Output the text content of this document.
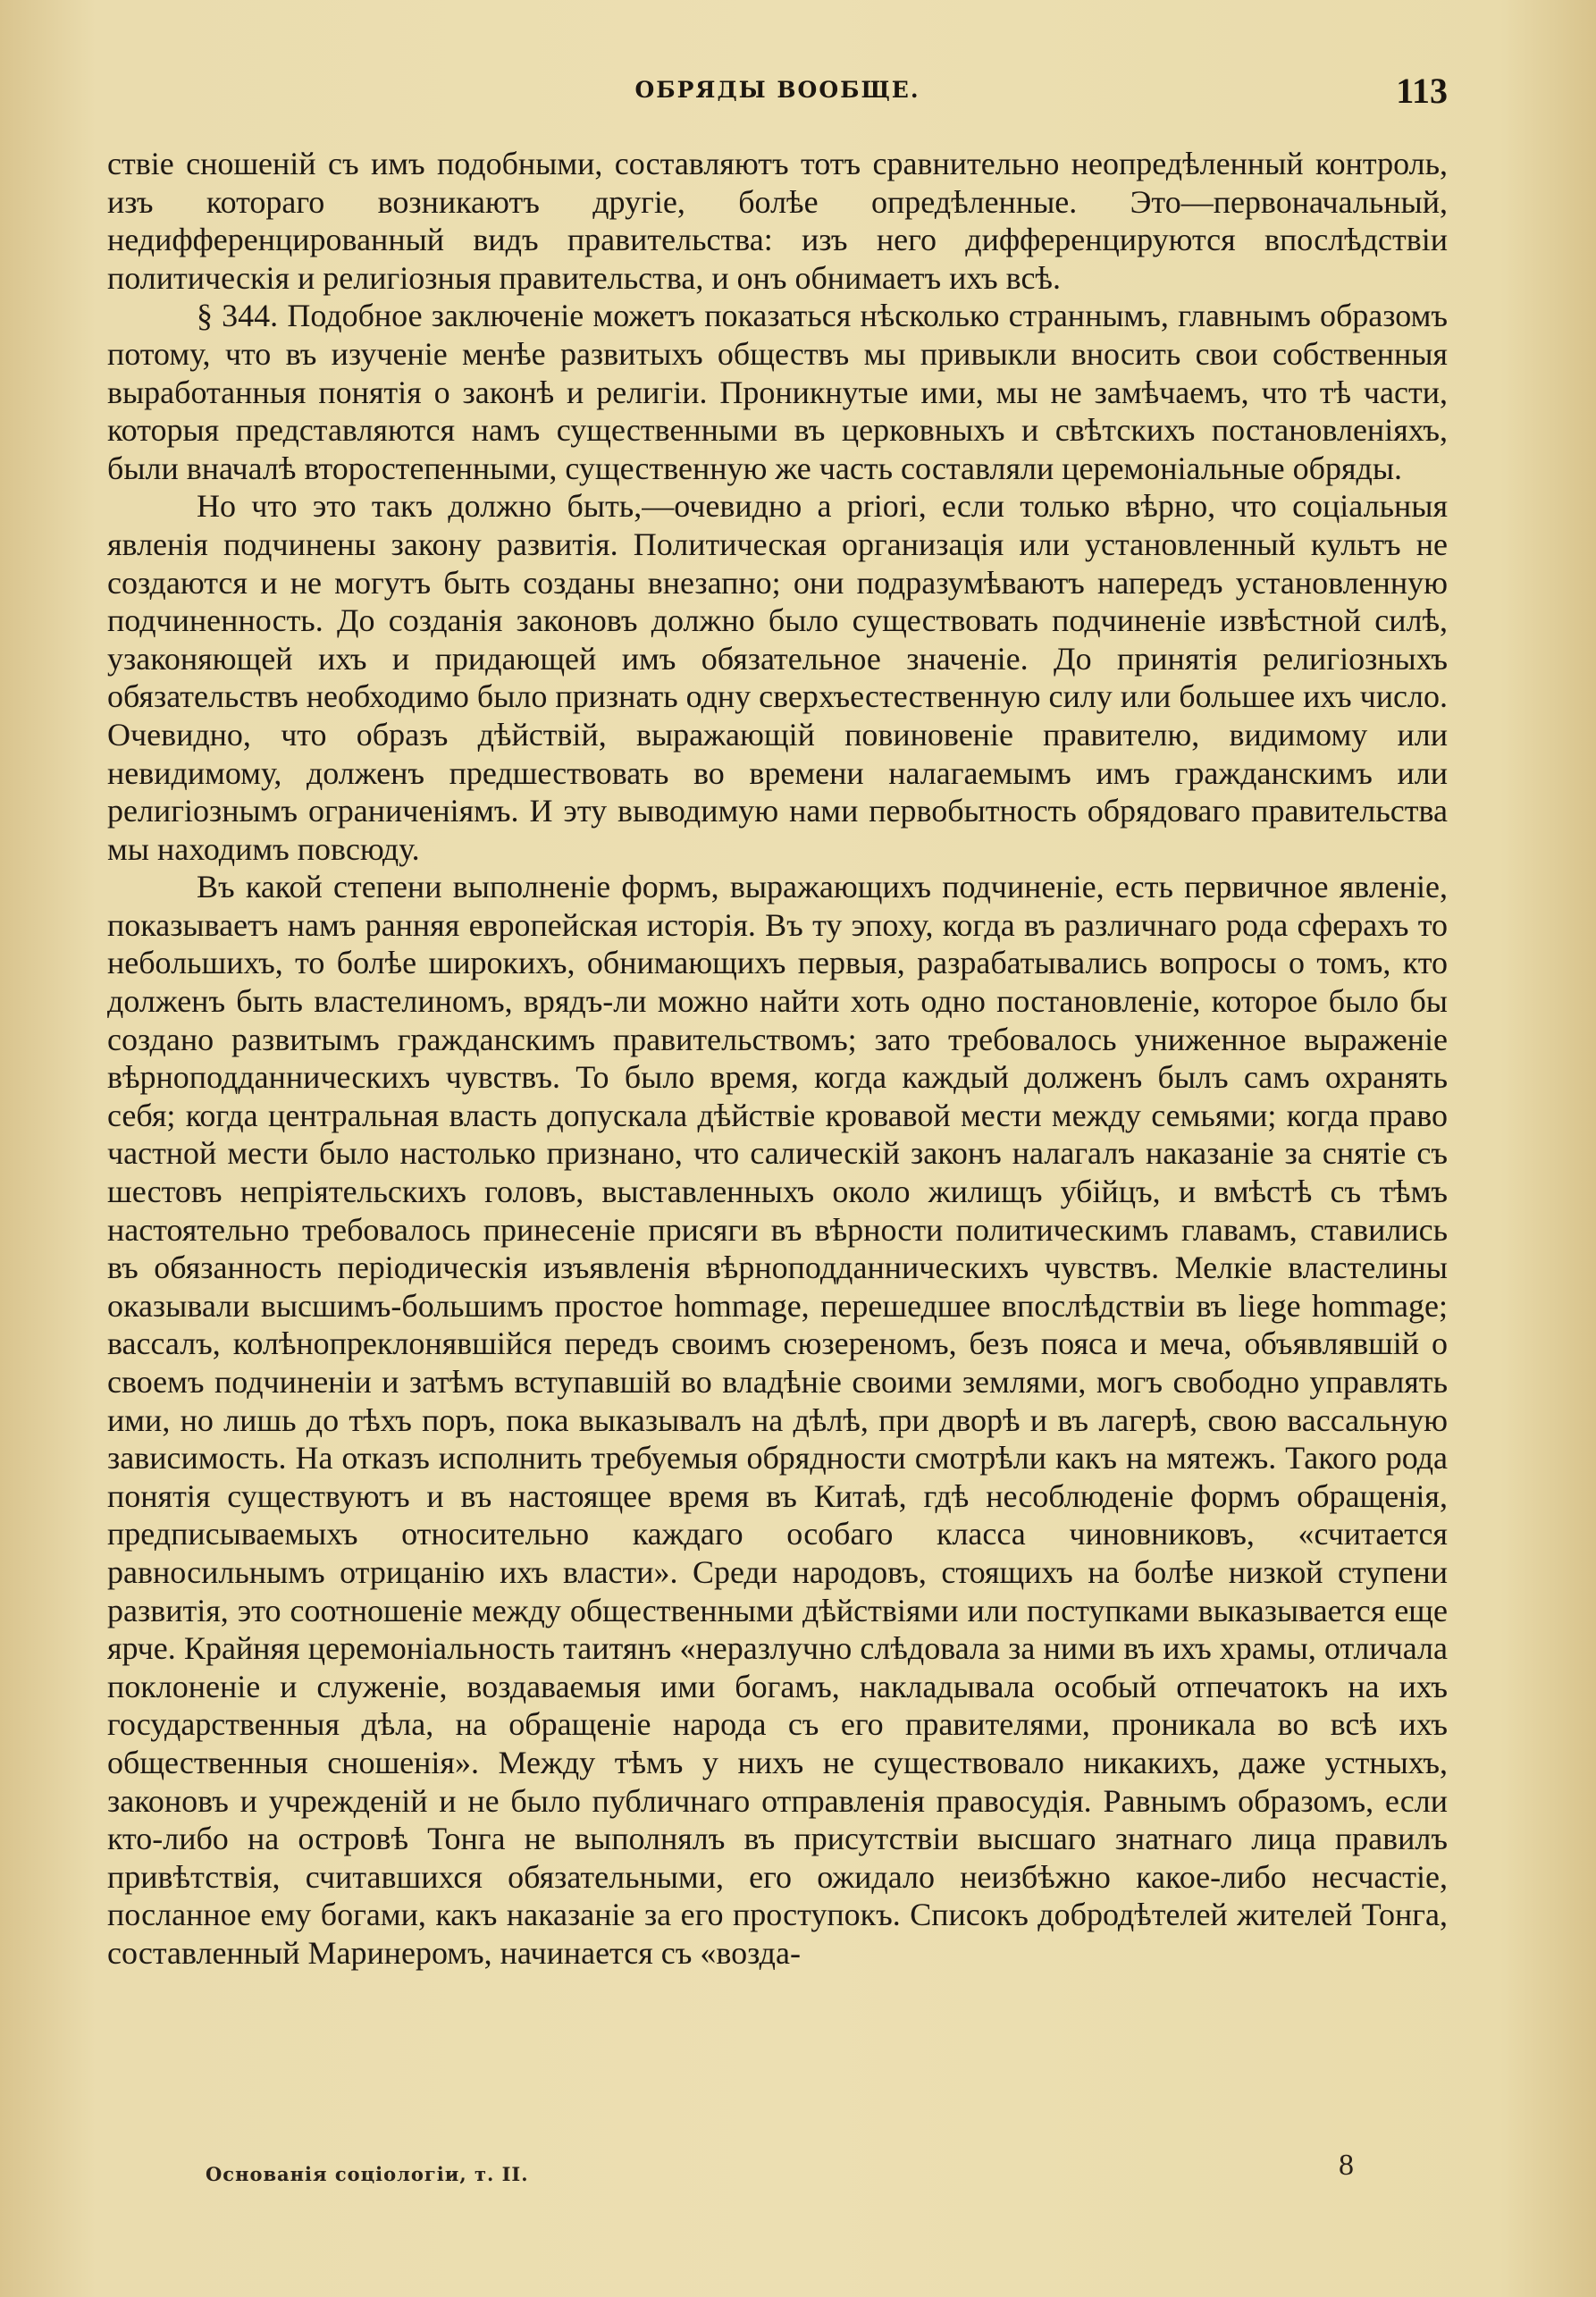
ОБРЯДЫ ВООБЩЕ.	113

ствіе сношеній съ имъ подобными, составляютъ тотъ сравнительно неопредѣленный контроль, изъ котораго возникаютъ другіе, болѣе опредѣленные. Это—первоначальный, недифференцированный видъ правительства: изъ него дифференцируются впослѣдствіи политическія и религіозныя правительства, и онъ обнимаетъ ихъ всѣ.

§ 344. Подобное заключеніе можетъ показаться нѣсколько страннымъ, главнымъ образомъ потому, что въ изученіе менѣе развитыхъ обществъ мы привыкли вносить свои собственныя выработанныя понятія о законѣ и религіи. Проникнутые ими, мы не замѣчаемъ, что тѣ части, которыя представляются намъ существенными въ церковныхъ и свѣтскихъ постановленіяхъ, были вначалѣ второстепенными, существенную же часть составляли церемоніальные обряды.

Но что это такъ должно быть,—очевидно a priori, если только вѣрно, что соціальныя явленія подчинены закону развитія. Политическая организація или установленный культъ не создаются и не могутъ быть созданы внезапно; они подразумѣваютъ напередъ установленную подчиненность. До созданія законовъ должно было существовать подчиненіе извѣстной силѣ, узаконяющей ихъ и придающей имъ обязательное значеніе. До принятія религіозныхъ обязательствъ необходимо было признать одну сверхъестественную силу или большее ихъ число. Очевидно, что образъ дѣйствій, выражающій повиновеніе правителю, видимому или невидимому, долженъ предшествовать во времени налагаемымъ имъ гражданскимъ или религіознымъ ограниченіямъ. И эту выводимую нами первобытность обрядоваго правительства мы находимъ повсюду.

Въ какой степени выполненіе формъ, выражающихъ подчиненіе, есть первичное явленіе, показываетъ намъ ранняя европейская исторія. Въ ту эпоху, когда въ различнаго рода сферахъ то небольшихъ, то болѣе широкихъ, обнимающихъ первыя, разрабатывались вопросы о томъ, кто долженъ быть властелиномъ, врядъ-ли можно найти хоть одно постановленіе, которое было бы создано развитымъ гражданскимъ правительствомъ; зато требовалось униженное выраженіе вѣрноподданническихъ чувствъ. То было время, когда каждый долженъ былъ самъ охранять себя; когда центральная власть допускала дѣйствіе кровавой мести между семьями; когда право частной мести было настолько признано, что салическій законъ налагалъ наказаніе за снятіе съ шестовъ непріятельскихъ головъ, выставленныхъ около жилищъ убійцъ, и вмѣстѣ съ тѣмъ настоятельно требовалось принесеніе присяги въ вѣрности политическимъ главамъ, ставились въ обязанность періодическія изъявленія вѣрноподданническихъ чувствъ. Мелкіе властелины оказывали высшимъ-большимъ простое hommage, перешедшее впослѣдствіи въ liege hommage; вассалъ, колѣнопреклонявшійся передъ своимъ сюзереномъ, безъ пояса и меча, объявлявшій о своемъ подчиненіи и затѣмъ вступавшій во владѣніе своими землями, могъ свободно управлять ими, но лишь до тѣхъ поръ, пока выказывалъ на дѣлѣ, при дворѣ и въ лагерѣ, свою вассальную зависимость. На отказъ исполнить требуемыя обрядности смотрѣли какъ на мятежъ. Такого рода понятія существуютъ и въ настоящее время въ Китаѣ, гдѣ несоблюденіе формъ обращенія, предписываемыхъ относительно каждаго особаго класса чиновниковъ, «считается равносильнымъ отрицанію ихъ власти». Среди народовъ, стоящихъ на болѣе низкой ступени развитія, это соотношеніе между общественными дѣйствіями или поступками выказывается еще ярче. Крайняя церемоніальность таитянъ «неразлучно слѣдовала за ними въ ихъ храмы, отличала поклоненіе и служеніе, воздаваемыя ими богамъ, накладывала особый отпечатокъ на ихъ государственныя дѣла, на обращеніе народа съ его правителями, проникала во всѣ ихъ общественныя сношенія». Между тѣмъ у нихъ не существовало никакихъ, даже устныхъ, законовъ и учрежденій и не было публичнаго отправленія правосудія. Равнымъ образомъ, если кто-либо на островѣ Тонга не выполнялъ въ присутствіи высшаго знатнаго лица правилъ привѣтствія, считавшихся обязательными, его ожидало неизбѣжно какое-либо несчастіе, посланное ему богами, какъ наказаніе за его проступокъ. Списокъ добродѣтелей жителей Тонга, составленный Маринеромъ, начинается съ «возда-

Основанія соціологіи, т. II.	8
